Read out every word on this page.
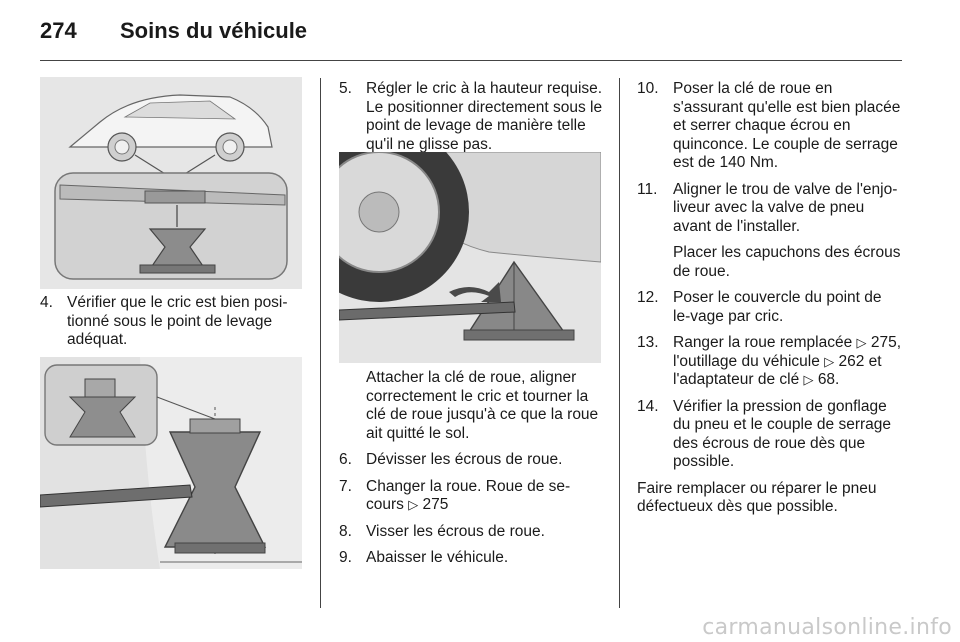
274 Soins du véhicule
4. Vérifier que le cric est bien posi-tionné sous le point de levage adéquat.
5. Régler le cric à la hauteur requise. Le positionner directement sous le point de levage de manière telle qu'il ne glisse pas.
Attacher la clé de roue, aligner correctement le cric et tourner la clé de roue jusqu'à ce que la roue ait quitté le sol.
6. Dévisser les écrous de roue.
7. Changer la roue. Roue de se-cours ▷ 275
8. Visser les écrous de roue.
9. Abaisser le véhicule.
10. Poser la clé de roue en s'assurant qu'elle est bien placée et serrer chaque écrou en quinconce. Le couple de serrage est de 140 Nm.
11. Aligner le trou de valve de l'enjo-liveur avec la valve de pneu avant de l'installer.
Placer les capuchons des écrous de roue.
12. Poser le couvercle du point de le-vage par cric.
13. Ranger la roue remplacée ▷ 275, l'outillage du véhicule ▷ 262 et l'adaptateur de clé ▷ 68.
14. Vérifier la pression de gonflage du pneu et le couple de serrage des écrous de roue dès que possible.
Faire remplacer ou réparer le pneu défectueux dès que possible.
carmanualsonline.info
